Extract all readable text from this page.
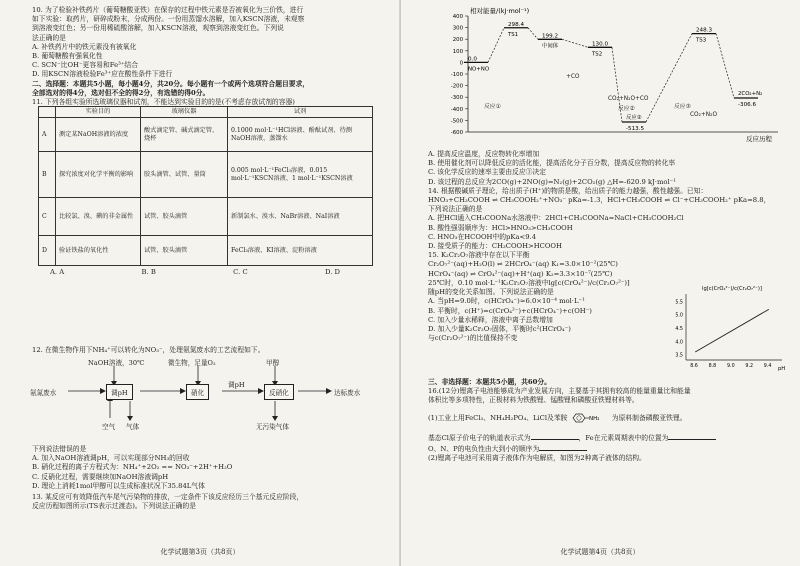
10. 为了检验补铁药片（葡萄糖酸亚铁）在保存的过程中铁元素是否被氧化为三价铁，进行

如下实验：取药片，研碎成粉末，分成两份。一份用蒸馏水溶解，加入KSCN溶液，未观察

到溶液变红色；另一份用稀硫酸溶解，加入KSCN溶液，观察到溶液变红色。下列说

法正确的是

A. 补铁药片中的铁元素没有被氧化

B. 葡萄糖酸有强氧化性

C. SCN⁻比OH⁻更容易和Fe³⁺结合

D. 用KSCN溶液检验Fe³⁺应在酸性条件下进行

二、选择题：本题共5小题，每小题4分，共20分。每小题有一个或两个选项符合题目要求，

全部选对的得4分，选对但不全的得2分，有选错的得0分。

11. 下列各组实验所选玻璃仪器和试剂，不能达到实验目的的是(不考虑存放试剂的容器)

	实验目的	玻璃仪器	试剂
A	测定某NaOH溶液的浓度	酸式滴定管、碱式滴定管、烧杯	0.1000 mol·L⁻¹HCl溶液、酚酞试剂、待测NaOH溶液、蒸馏水
B	探究浓度对化学平衡的影响	胶头滴管、试管、量筒	0.005 mol·L⁻¹FeCl₃溶液、0.015 mol·L⁻¹KSCN溶液、1 mol·L⁻¹KSCN溶液
C	比较氯、溴、碘的非金属性	试管、胶头滴管	新制氯水、溴水、NaBr溶液、NaI溶液
D	验证铁盐的氧化性	试管、胶头滴管	FeCl₃溶液、KI溶液、淀粉溶液
A. A	B. B	C. C	D. D

12. 在微生物作用下NH₄⁺可以转化为NO₃⁻，处理氨氮废水的工艺流程如下。

氨氮废水
NaOH溶液，30℃	微生物，足量O₂	甲醇
调pH	硝化	反硝化
调pH
达标废水
空气 气体	无污染气体

下列说法错误的是

A. 加入NaOH溶液调pH，可以实现部分NH₃的回收

B. 硝化过程的离子方程式为：NH₄⁺+2O₂ == NO₃⁻+2H⁺+H₂O

C. 反硝化过程，需要继续加NaOH溶液调pH

D. 理论上消耗1mol甲醇可以生成标准状况下35.84L气体

13. 某反应可有效降低汽车尾气污染物的排放，一定条件下该反应经历三个基元反应阶段，

反应历程如图所示(TS表示过渡态)。下列说法正确的是

化学试题第3页（共8页）
相对能量/(kJ·mol⁻¹)
反应历程
-600
-500
-400
-300
-200
-100
0
100
200
300
400
0.0
NO+NO
298.4
TS1	199.2
中间体	130.0
TS2
-513.5
反应②
248.3
TS3
-306.6
2CO₂+N₂
反应①
+CO
CO₂+N₂O+CO
反应②	反应③
CO₂+N₂O

A. 提高反应温度，反应物转化率增加

B. 使用催化剂可以降低反应的活化能，提高活化分子百分数，提高反应物的转化率

C. 该化学反应的速率主要由反应③决定

D. 该过程的总反应为2CO(g)+2NO(g)=N₂(g)+2CO₂(g) △H=-620.9 kJ·mol⁻¹

14. 根据酸碱质子理论，给出质子(H⁺)的物质是酸，给出质子的能力越强，酸性越强。已知：

HNO₃+CH₃COOH ⇌ CH₃COOH₂⁺+NO₃⁻ pKa=-1.3，HCl+CH₃COOH ⇌ Cl⁻+CH₃COOH₂⁺ pKa=8.8，

下列说法正确的是

A. 把HCl通入CH₃COONa水溶液中：2HCl+CH₃COONa=NaCl+CH₃COOH₂Cl

B. 酸性强弱顺序为：HCl>HNO₃>CH₃COOH

C. HNO₃在HCOOH中的pKa<9.4

D. 接受质子的能力：CH₃COOH>HCOOH

15. K₂Cr₂O₇溶液中存在以下平衡

Cr₂O₇²⁻(aq)+H₂O(l) ⇌ 2HCrO₄⁻(aq) K₁=3.0×10⁻²(25℃)

HCrO₄⁻(aq) ⇌ CrO₄²⁻(aq)+H⁺(aq) K₂=3.3×10⁻⁷(25℃)

25℃时，0.10 mol·L⁻¹K₂Cr₂O₇溶液中lg[c(CrO₄²⁻)/c(Cr₂O₇²⁻)]

随pH的变化关系如图。下列说法正确的是

A. 当pH=9.0时，c(HCrO₄⁻)≈6.0×10⁻⁴ mol·L⁻¹

B. 平衡时，c(H⁺)=c(CrO₄²⁻)+c(HCrO₄⁻)+c(OH⁻)

C. 加入少量水稀释，溶液中离子总数增加

D. 加入少量K₂Cr₂O₇固体，平衡时c²(HCrO₄⁻)

与c(Cr₂O₇²⁻)的比值保持不变

lg[c(CrO₄²⁻)/c(Cr₂O₇²⁻)]
pH
8.6 8.8 9.0 9.2 9.4
3.5
4.0
4.5
5.0
5.5

三、非选择题：本题共5小题，共60分。

16.(12分)锂离子电池能够成为产业发展方向，主要基于其拥有较高的能量重量比和能量

体积比等多项特性，正极材料为铁酸锂、锰酸锂和磷酸亚铁锂材料等。

(1)工业上用FeCl₃、NH₄H₂PO₄、LiCl及苯胺	NH₂ 为原料制备磷酸亚铁锂。

基态Cl原子价电子的轨道表示式为	，Fe在元素周期表中的位置为

O、N、P的电负性由大到小的顺序为

(2)锂离子电池可采用离子液体作为电解质，如图为2种离子液体的结构。

化学试题第4页（共8页）
